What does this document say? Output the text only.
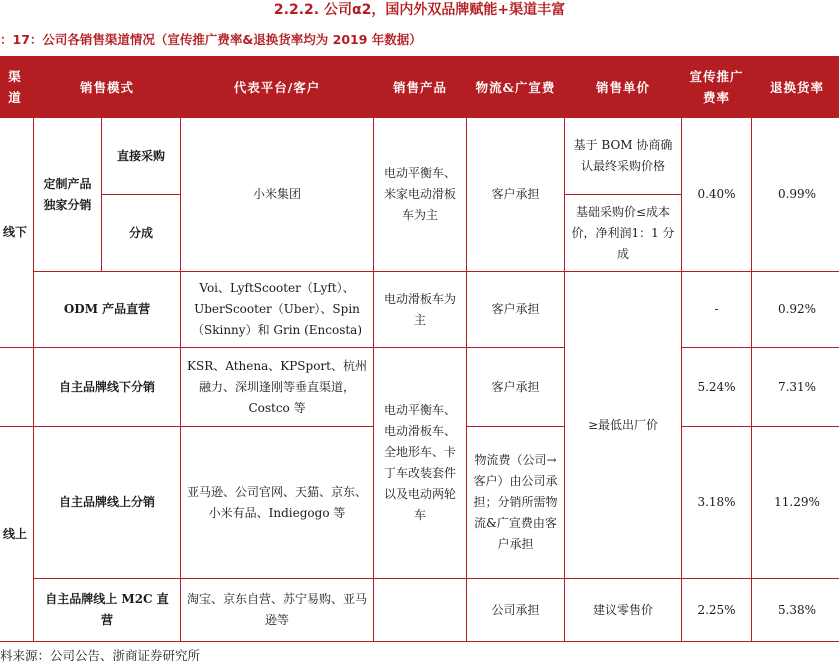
2.2.2. 公司α2，国内外双品牌赋能+渠道丰富
：17：公司各销售渠道情况（宣传推广费率&退换货率均为 2019 年数据）
渠道	销售模式		代表平台/客户	销售产品	物流&广宣费	销售单价	宣传推广费率	退换货率
线下	定制产品独家分销	直接采购	小米集团	电动平衡车、米家电动滑板车为主	客户承担	基于 BOM 协商确认最终采购价格	0.40%	0.99%
		分成				基础采购价≤成本价，净利润1：1 分成		
	ODM 产品直营		Voi、LyftScooter（Lyft）、UberScooter（Uber）、Spin（Skinny）和 Grin (Encosta)	电动滑板车为主	客户承担	≥最低出厂价	-	0.92%
	自主品牌线下分销		KSR、Athena、KPSport、杭州融力、深圳逢刚等垂直渠道，Costco 等	电动平衡车、电动滑板车、全地形车、卡丁车改装套件以及电动两轮车	客户承担		5.24%	7.31%
线上	自主品牌线上分销		亚马逊、公司官网、天猫、京东、小米有品、Indiegogo 等		物流费（公司→客户）由公司承担；分销所需物流&广宣费由客户承担		3.18%	11.29%
	自主品牌线上 M2C 直营		淘宝、京东自营、苏宁易购、亚马逊等		公司承担	建议零售价	2.25%	5.38%
料来源：公司公告、浙商证券研究所
